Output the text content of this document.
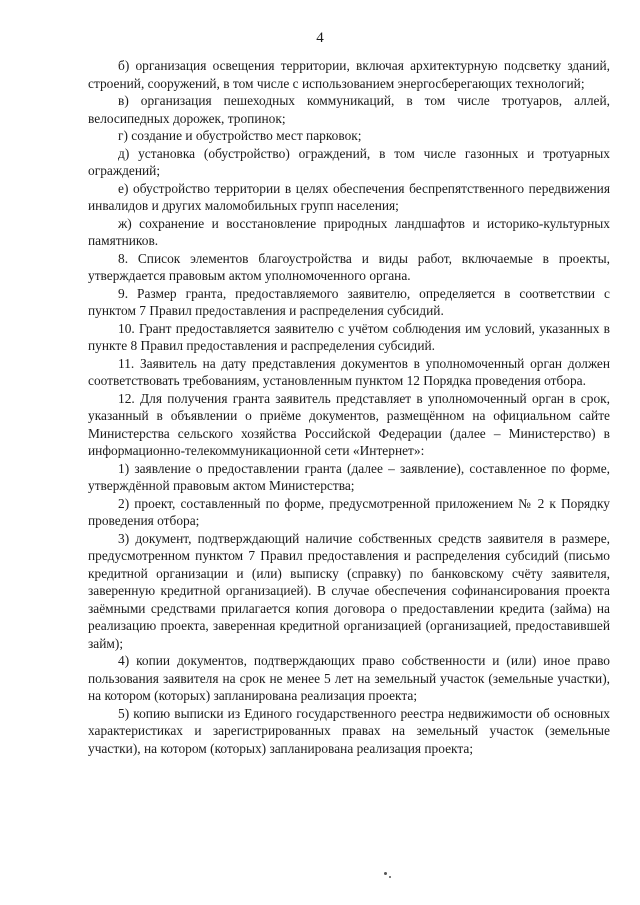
4

б) организация освещения территории, включая архитектурную подсветку зданий, строений, сооружений, в том числе с использованием энергосберегающих технологий;

в) организация пешеходных коммуникаций, в том числе тротуаров, аллей, велосипедных дорожек, тропинок;

г) создание и обустройство мест парковок;

д) установка (обустройство) ограждений, в том числе газонных и тротуарных ограждений;

е) обустройство территории в целях обеспечения беспрепятственного передвижения инвалидов и других маломобильных групп населения;

ж) сохранение и восстановление природных ландшафтов и историко-культурных памятников.

8. Список элементов благоустройства и виды работ, включаемые в проекты, утверждается правовым актом уполномоченного органа.

9. Размер гранта, предоставляемого заявителю, определяется в соответствии с пунктом 7 Правил предоставления и распределения субсидий.

10. Грант предоставляется заявителю с учётом соблюдения им условий, указанных в пункте 8 Правил предоставления и распределения субсидий.

11. Заявитель на дату представления документов в уполномоченный орган должен соответствовать требованиям, установленным пунктом 12 Порядка проведения отбора.

12. Для получения гранта заявитель представляет в уполномоченный орган в срок, указанный в объявлении о приёме документов, размещённом на официальном сайте Министерства сельского хозяйства Российской Федерации (далее – Министерство) в информационно-телекоммуникационной сети «Интернет»:

1) заявление о предоставлении гранта (далее – заявление), составленное по форме, утверждённой правовым актом Министерства;

2) проект, составленный по форме, предусмотренной приложением № 2 к Порядку проведения отбора;

3) документ, подтверждающий наличие собственных средств заявителя в размере, предусмотренном пунктом 7 Правил предоставления и распределения субсидий (письмо кредитной организации и (или) выписку (справку) по банковскому счёту заявителя, заверенную кредитной организацией). В случае обеспечения софинансирования проекта заёмными средствами прилагается копия договора о предоставлении кредита (займа) на реализацию проекта, заверенная кредитной организацией (организацией, предоставившей займ);

4) копии документов, подтверждающих право собственности и (или) иное право пользования заявителя на срок не менее 5 лет на земельный участок (земельные участки), на котором (которых) запланирована реализация проекта;

5) копию выписки из Единого государственного реестра недвижимости об основных характеристиках и зарегистрированных правах на земельный участок (земельные участки), на котором (которых) запланирована реализация проекта;
